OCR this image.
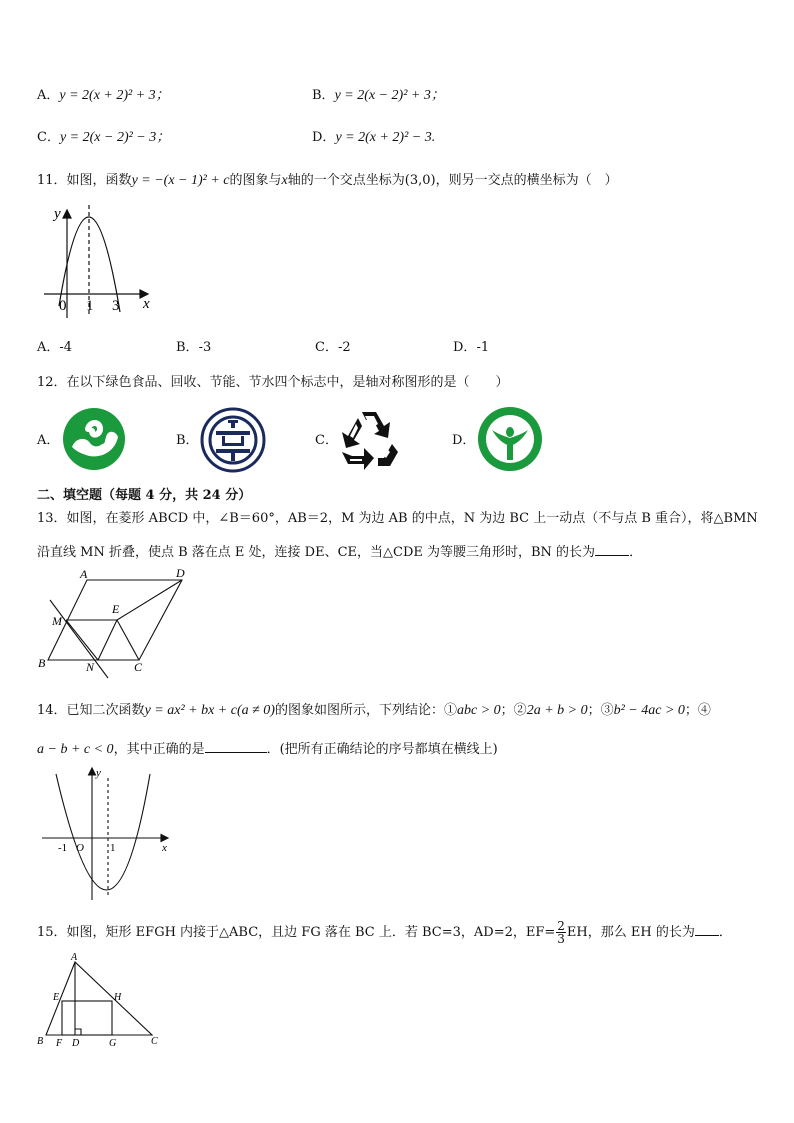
A．y = 2(x + 2)² + 3；	B．y = 2(x − 2)² + 3；
C．y = 2(x − 2)² − 3；	D．y = 2(x + 2)² − 3.
11．如图，函数y = −(x − 1)² + c的图象与x轴的一个交点坐标为(3,0)，则另一交点的横坐标为（　）
y
x
0 1 3
A．-4	B．-3	C．-2	D．-1
12．在以下绿色食品、回收、节能、节水四个标志中，是轴对称图形的是（　　）
A．	B．	C．	D．
二、填空题（每题 4 分，共 24 分）
13．如图，在菱形 ABCD 中，∠B＝60°，AB＝2，M 为边 AB 的中点，N 为边 BC 上一动点（不与点 B 重合），将△BMN
沿直线 MN 折叠，使点 B 落在点 E 处，连接 DE、CE，当△CDE 为等腰三角形时，BN 的长为	．
A	D
E
M
B	N	C
14．已知二次函数y = ax² + bx + c(a ≠ 0)的图象如图所示，下列结论：①abc > 0；②2a + b > 0；③b² − 4ac > 0；④
a − b + c < 0，其中正确的是	．(把所有正确结论的序号都填在横线上)
y
x
O
-1	1
15．如图，矩形 EFGH 内接于△ABC，且边 FG 落在 BC 上．若 BC=3，AD=2，$EF= \frac{2}{3}$ EH，那么 EH 的长为 ．
A
E	H
B F D	G	C
